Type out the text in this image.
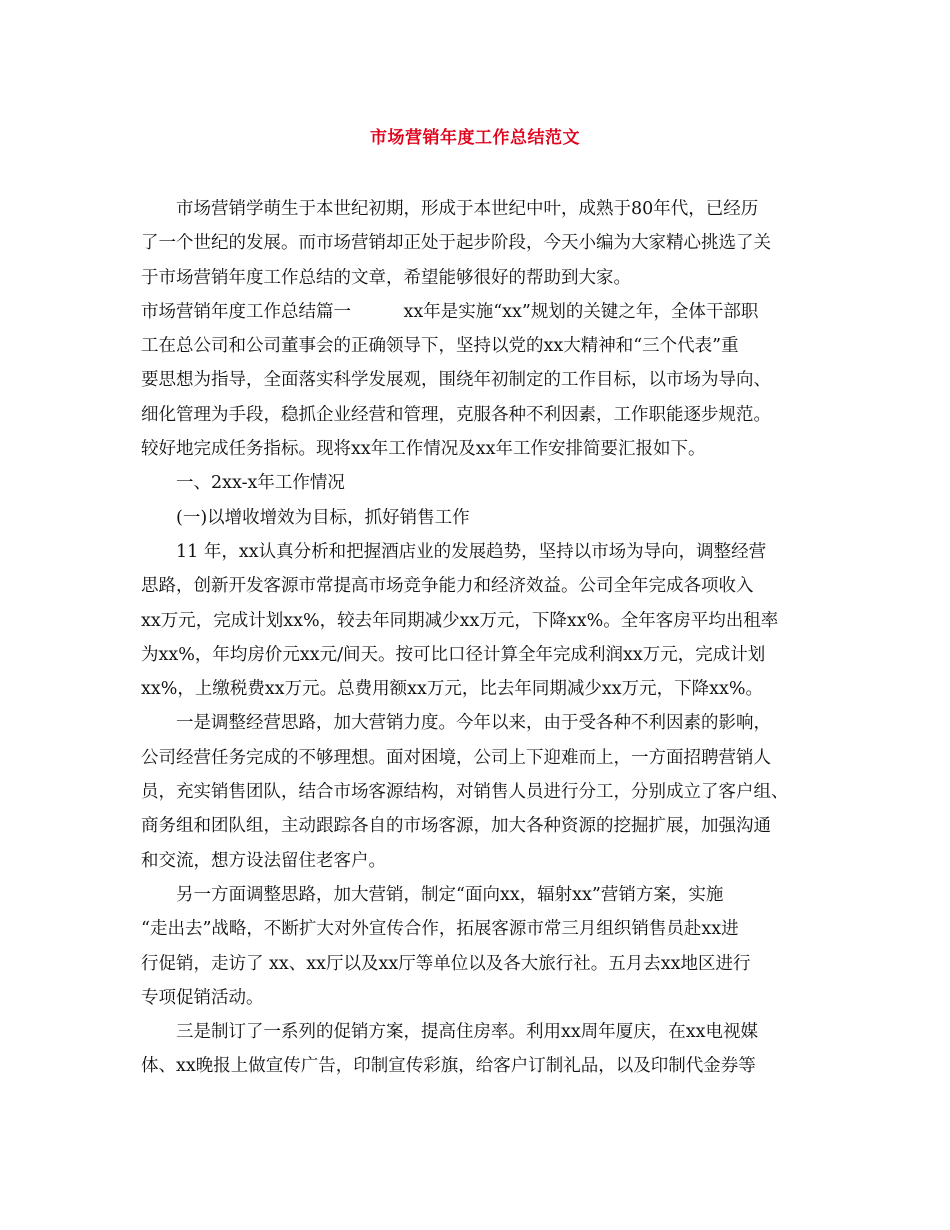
市场营销年度工作总结范文
　　市场营销学萌生于本世纪初期，形成于本世纪中叶，成熟于80年代，已经历
了一个世纪的发展。而市场营销却正处于起步阶段，今天小编为大家精心挑选了关
于市场营销年度工作总结的文章，希望能够很好的帮助到大家。
市场营销年度工作总结篇一　　　xx年是实施“xx”规划的关键之年，全体干部职
工在总公司和公司董事会的正确领导下，坚持以党的xx大精神和“三个代表”重
要思想为指导，全面落实科学发展观，围绕年初制定的工作目标，以市场为导向、
细化管理为手段，稳抓企业经营和管理，克服各种不利因素，工作职能逐步规范。
较好地完成任务指标。现将xx年工作情况及xx年工作安排简要汇报如下。
　　一、2xx-x年工作情况
　　(一)以增收增效为目标，抓好销售工作
　　11 年，xx认真分析和把握酒店业的发展趋势，坚持以市场为导向，调整经营
思路，创新开发客源市常提高市场竞争能力和经济效益。公司全年完成各项收入
xx万元，完成计划xx%，较去年同期减少xx万元，下降xx%。全年客房平均出租率
为xx%，年均房价元xx元/间天。按可比口径计算全年完成利润xx万元，完成计划
xx%，上缴税费xx万元。总费用额xx万元，比去年同期减少xx万元，下降xx%。
　　一是调整经营思路，加大营销力度。今年以来，由于受各种不利因素的影响，
公司经营任务完成的不够理想。面对困境，公司上下迎难而上，一方面招聘营销人
员，充实销售团队，结合市场客源结构，对销售人员进行分工，分别成立了客户组、
商务组和团队组，主动跟踪各自的市场客源，加大各种资源的挖掘扩展，加强沟通
和交流，想方设法留住老客户。
　　另一方面调整思路，加大营销，制定“面向xx，辐射xx”营销方案，实施
“走出去”战略，不断扩大对外宣传合作，拓展客源市常三月组织销售员赴xx进
行促销，走访了 xx、xx厅以及xx厅等单位以及各大旅行社。五月去xx地区进行
专项促销活动。
　　三是制订了一系列的促销方案，提高住房率。利用xx周年厦庆，在xx电视媒
体、xx晚报上做宣传广告，印制宣传彩旗，给客户订制礼品，以及印制代金券等
